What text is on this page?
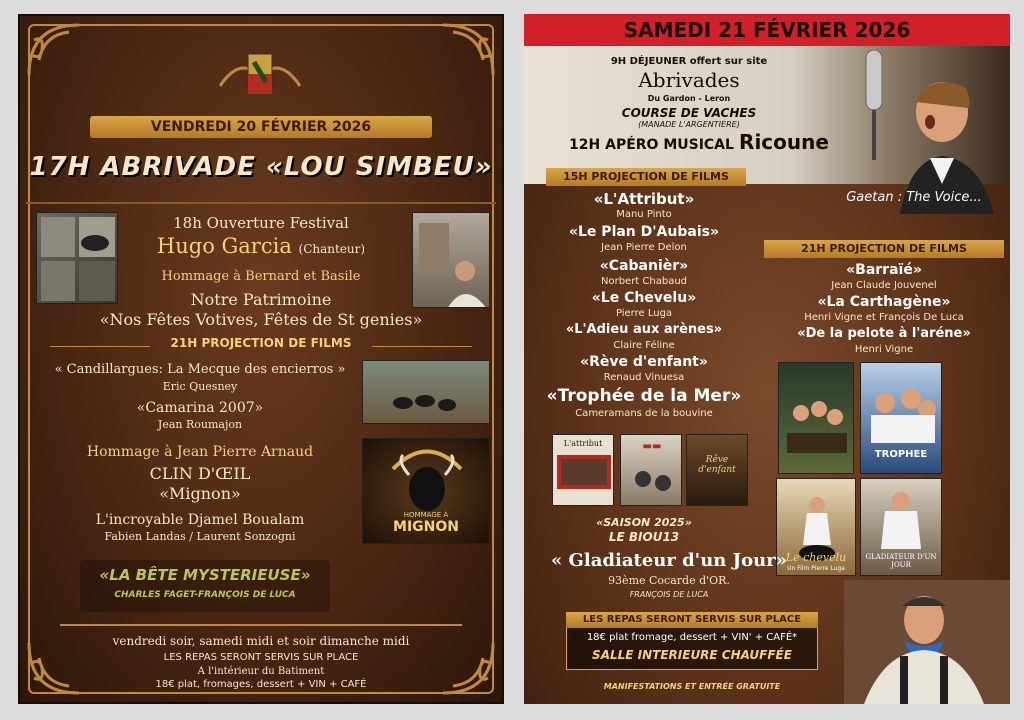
VENDREDI 20 FÉVRIER 2026
17H ABRIVADE «LOU SIMBEU»
18h Ouverture Festival
Hugo Garcia (Chanteur)
Hommage à Bernard et Basile
Notre Patrimoine
«Nos Fêtes Votives, Fêtes de St genies»
21H PROJECTION DE FILMS
« Candillargues: La Mecque des encierros »
Eric Quesney
«Camarina 2007»
Jean Roumajon
Hommage à Jean Pierre Arnaud
CLIN D'ŒIL
«Mignon»
HOMMAGE À
MIGNON
L'incroyable Djamel Boualam
Fabien Landas / Laurent Sonzogni
«LA BÊTE MYSTERIEUSE»
CHARLES FAGET-FRANÇOIS DE LUCA
vendredi soir, samedi midi et soir dimanche midi
LES REPAS SERONT SERVIS SUR PLACE
A l'intérieur du Batiment
18€ plat, fromages, dessert + VIN + CAFÉ
SAMEDI 21 FÉVRIER 2026
9H DÉJEUNER offert sur site
Abrivades
Du Gardon - Leron
COURSE DE VACHES
(MANADE L'ARGENTIERE)
12H APÉRO MUSICAL Ricoune
15H PROJECTION DE FILMS
Gaetan : The Voice...
«L'Attribut»
Manu Pinto
«Le Plan D'Aubais»
Jean Pierre Delon
«Cabanièr»
Norbert Chabaud
«Le Chevelu»
Pierre Luga
«L'Adieu aux arènes»
Claire Féline
«Rève d'enfant»
Renaud Vinuesa
«Trophée de la Mer»
Cameramans de la bouvine
21H PROJECTION DE FILMS
«Barraïé»
Jean Claude Jouvenel
«La Carthagène»
Henri Vigne et François De Luca
«De la pelote à l'aréne»
Henri Vigne
L'attribut	▬▬
Rêve d'enfant
TROPHEE
Le chevelu
Un Film Pierre Luga
GLADIATEUR D'UN JOUR
«SAISON 2025»
LE BIOU13
« Gladiateur d'un Jour»
93ème Cocarde d'OR.
FRANÇOIS DE LUCA
LES REPAS SERONT SERVIS SUR PLACE
18€ plat fromage, dessert + VIN' + CAFÉ*
SALLE INTERIEURE CHAUFFÉE
MANIFESTATIONS ET ENTRÉE GRATUITE
